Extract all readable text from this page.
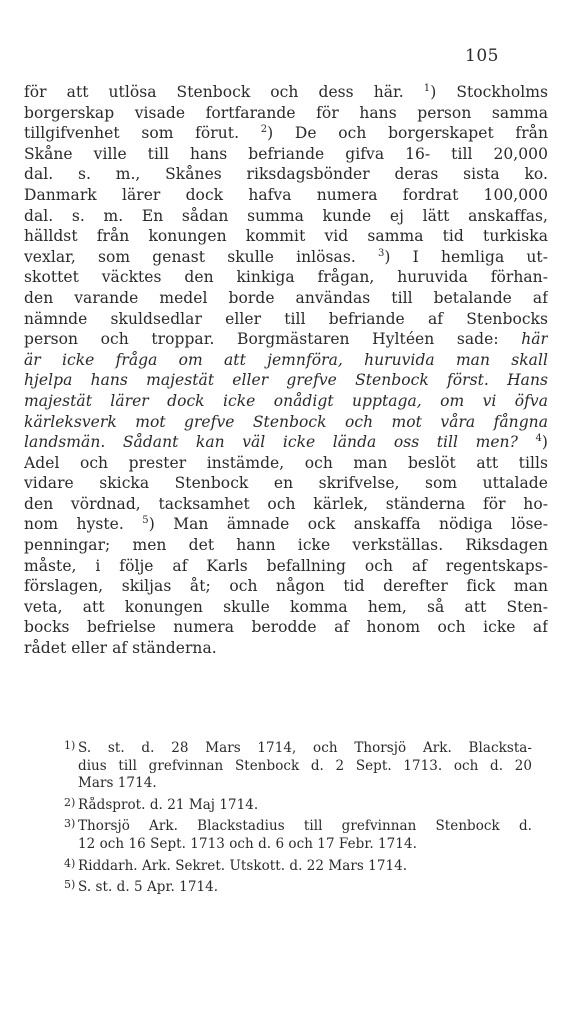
105
för att utlösa Stenbock och dess här. $^1$) Stockholms
borgerskap visade fortfarande för hans person samma
tillgifvenhet som förut. $^2$) De och borgerskapet från
Skåne ville till hans befriande gifva 16- till 20,000
dal. s. m., Skånes riksdagsbönder deras sista ko.
Danmark lärer dock hafva numera fordrat 100,000
dal. s. m. En sådan summa kunde ej lätt anskaffas,
hälldst från konungen kommit vid samma tid turkiska
vexlar, som genast skulle inlösas. $^3$) I hemliga ut-
skottet väcktes den kinkiga frågan, huruvida förhan-
den varande medel borde användas till betalande af
nämnde skuldsedlar eller till befriande af Stenbocks
person och troppar. Borgmästaren Hyltéen sade: här
är icke fråga om att jemnföra, huruvida man skall
hjelpa hans majestät eller grefve Stenbock först. Hans
majestät lärer dock icke onådigt upptaga, om vi öfva
kärleksverk mot grefve Stenbock och mot våra fångna
landsmän. Sådant kan väl icke lända oss till men? $^4$)
Adel och prester instämde, och man beslöt att tills
vidare skicka Stenbock en skrifvelse, som uttalade
den vördnad, tacksamhet och kärlek, ständerna för ho-
nom hyste. $^5$) Man ämnade ock anskaffa nödiga löse-
penningar; men det hann icke verkställas. Riksdagen
måste, i följe af Karls befallning och af regentskaps-
förslagen, skiljas åt; och någon tid derefter fick man
veta, att konungen skulle komma hem, så att Sten-
bocks befrielse numera berodde af honom och icke af
rådet eller af ständerna.
1) S. st. d. 28 Mars 1714, och Thorsjö Ark. Blacksta-
dius till grefvinnan Stenbock d. 2 Sept. 1713. och d. 20
Mars 1714.
2) Rådsprot. d. 21 Maj 1714.
3) Thorsjö Ark. Blackstadius till grefvinnan Stenbock d.
12 och 16 Sept. 1713 och d. 6 och 17 Febr. 1714.
4) Riddarh. Ark. Sekret. Utskott. d. 22 Mars 1714.
5) S. st. d. 5 Apr. 1714.
